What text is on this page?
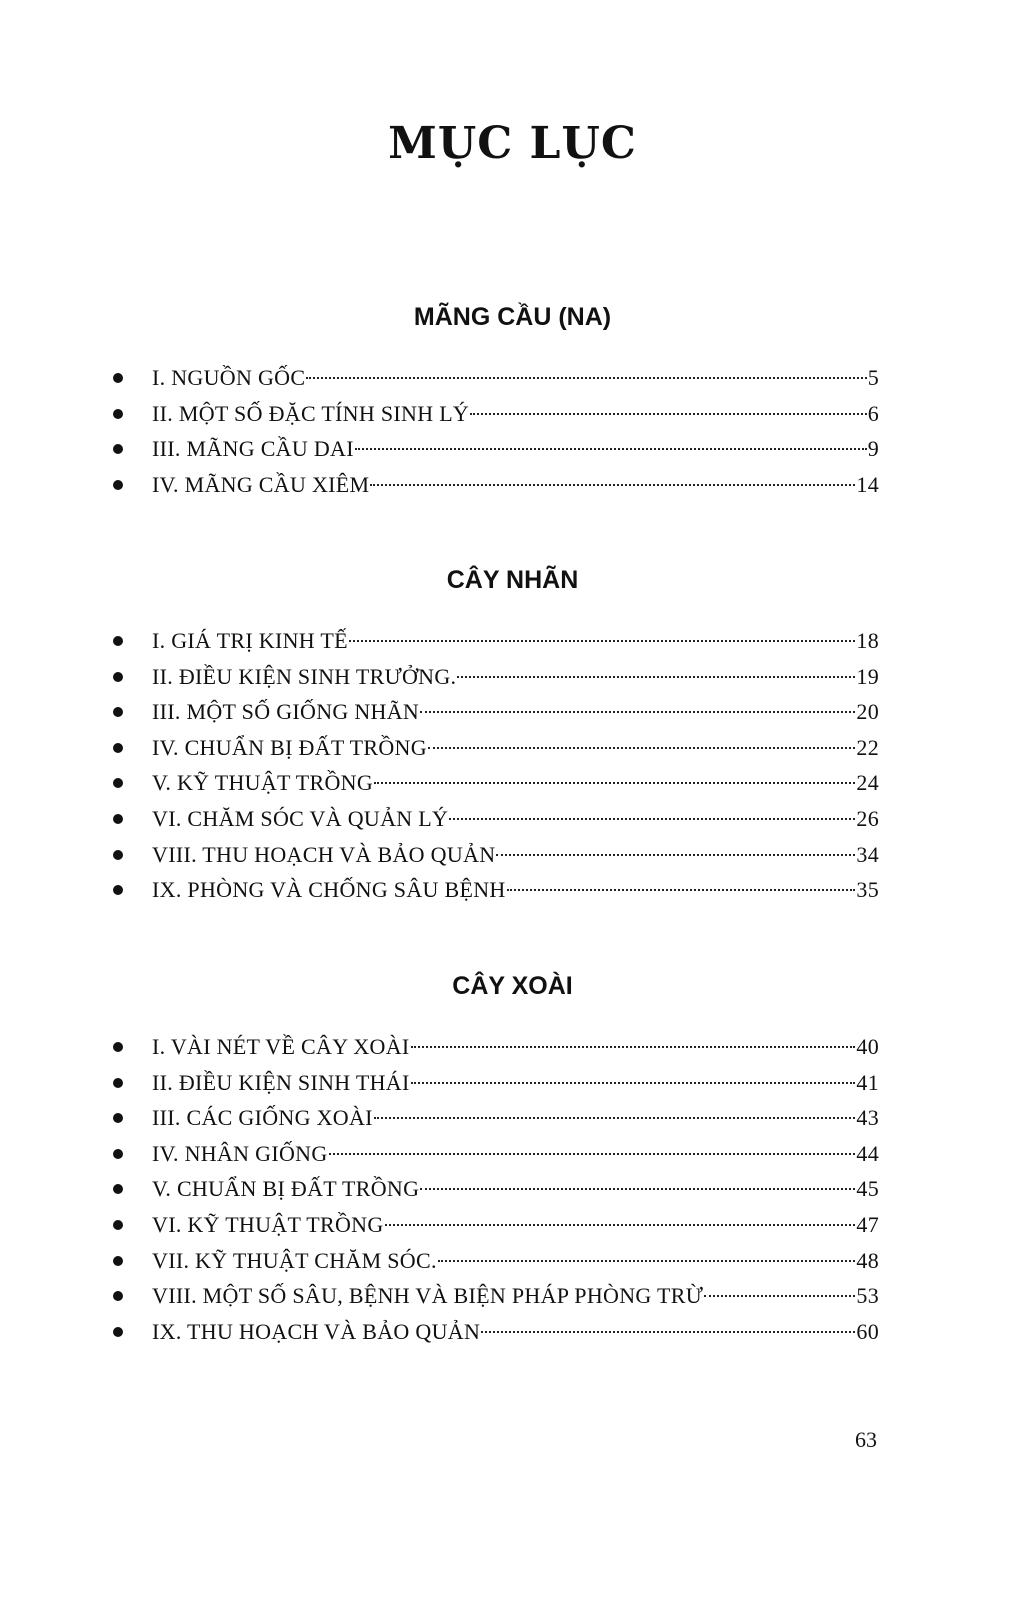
MỤC LỤC
MÃNG CẦU (NA)
I. NGUỒN GỐC	5
II. MỘT SỐ ĐẶC TÍNH SINH LÝ	6
III. MÃNG CẦU DAI	9
IV. MÃNG CẦU XIÊM	14
CÂY NHÃN
I. GIÁ TRỊ KINH TẾ	18
II. ĐIỀU KIỆN SINH TRƯỞNG.	19
III. MỘT SỐ GIỐNG NHÃN	20
IV. CHUẨN BỊ ĐẤT TRỒNG	22
V. KỸ THUẬT TRỒNG	24
VI. CHĂM SÓC VÀ QUẢN LÝ	26
VIII. THU HOẠCH VÀ BẢO QUẢN	34
IX. PHÒNG VÀ CHỐNG SÂU BỆNH	35
CÂY XOÀI
I. VÀI NÉT VỀ CÂY XOÀI	40
II. ĐIỀU KIỆN SINH THÁI	41
III. CÁC GIỐNG XOÀI	43
IV. NHÂN GIỐNG	44
V. CHUẨN BỊ ĐẤT TRỒNG	45
VI. KỸ THUẬT TRỒNG	47
VII. KỸ THUẬT CHĂM SÓC.	48
VIII. MỘT SỐ SÂU, BỆNH VÀ BIỆN PHÁP PHÒNG TRỪ	53
IX. THU HOẠCH VÀ BẢO QUẢN	60
63
